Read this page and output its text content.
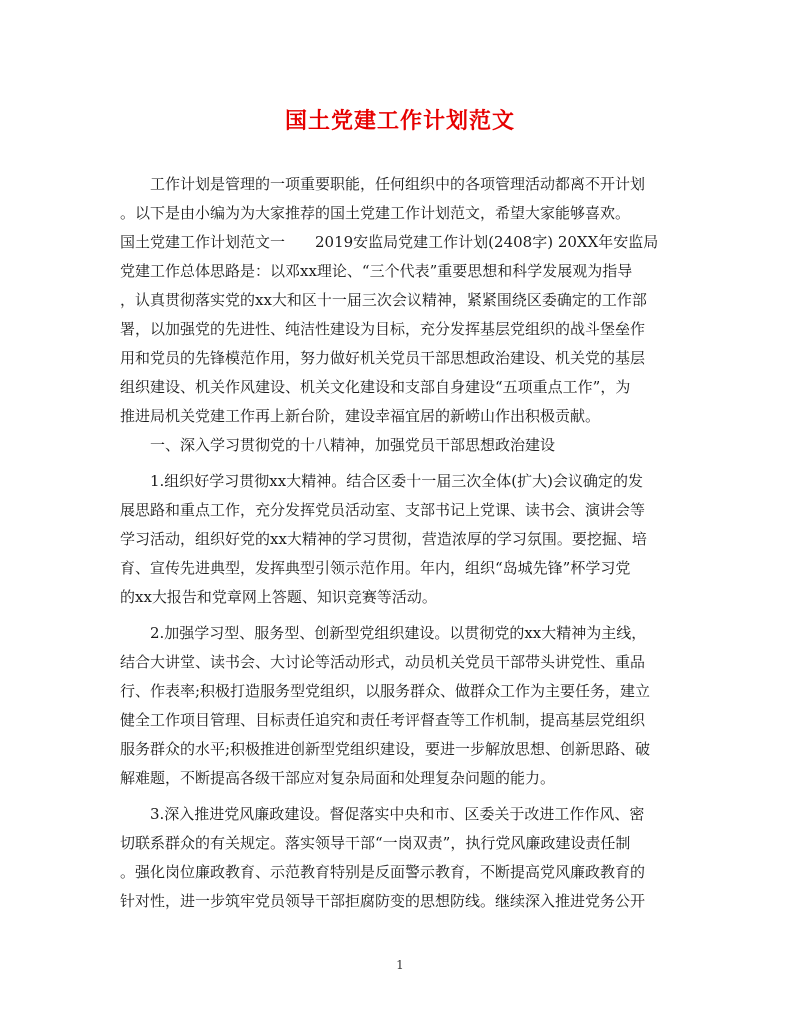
国土党建工作计划范文
　　工作计划是管理的一项重要职能，任何组织中的各项管理活动都离不开计划
。以下是由小编为为大家推荐的国土党建工作计划范文，希望大家能够喜欢。
国土党建工作计划范文一　　2019安监局党建工作计划(2408字) 20XX年安监局
党建工作总体思路是：以邓xx理论、“三个代表”重要思想和科学发展观为指导
，认真贯彻落实党的xx大和区十一届三次会议精神，紧紧围绕区委确定的工作部
署，以加强党的先进性、纯洁性建设为目标，充分发挥基层党组织的战斗堡垒作
用和党员的先锋模范作用，努力做好机关党员干部思想政治建设、机关党的基层
组织建设、机关作风建设、机关文化建设和支部自身建设“五项重点工作”，为
推进局机关党建工作再上新台阶，建设幸福宜居的新崂山作出积极贡献。
　　一、深入学习贯彻党的十八精神，加强党员干部思想政治建设
　　1.组织好学习贯彻xx大精神。结合区委十一届三次全体(扩大)会议确定的发
展思路和重点工作，充分发挥党员活动室、支部书记上党课、读书会、演讲会等
学习活动，组织好党的xx大精神的学习贯彻，营造浓厚的学习氛围。要挖掘、培
育、宣传先进典型，发挥典型引领示范作用。年内，组织“岛城先锋”杯学习党
的xx大报告和党章网上答题、知识竞赛等活动。
　　2.加强学习型、服务型、创新型党组织建设。以贯彻党的xx大精神为主线，
结合大讲堂、读书会、大讨论等活动形式，动员机关党员干部带头讲党性、重品
行、作表率;积极打造服务型党组织，以服务群众、做群众工作为主要任务，建立
健全工作项目管理、目标责任追究和责任考评督查等工作机制，提高基层党组织
服务群众的水平;积极推进创新型党组织建设，要进一步解放思想、创新思路、破
解难题，不断提高各级干部应对复杂局面和处理复杂问题的能力。
　　3.深入推进党风廉政建设。督促落实中央和市、区委关于改进工作作风、密
切联系群众的有关规定。落实领导干部“一岗双责”，执行党风廉政建设责任制
。强化岗位廉政教育、示范教育特别是反面警示教育，不断提高党风廉政教育的
针对性，进一步筑牢党员领导干部拒腐防变的思想防线。继续深入推进党务公开
1
